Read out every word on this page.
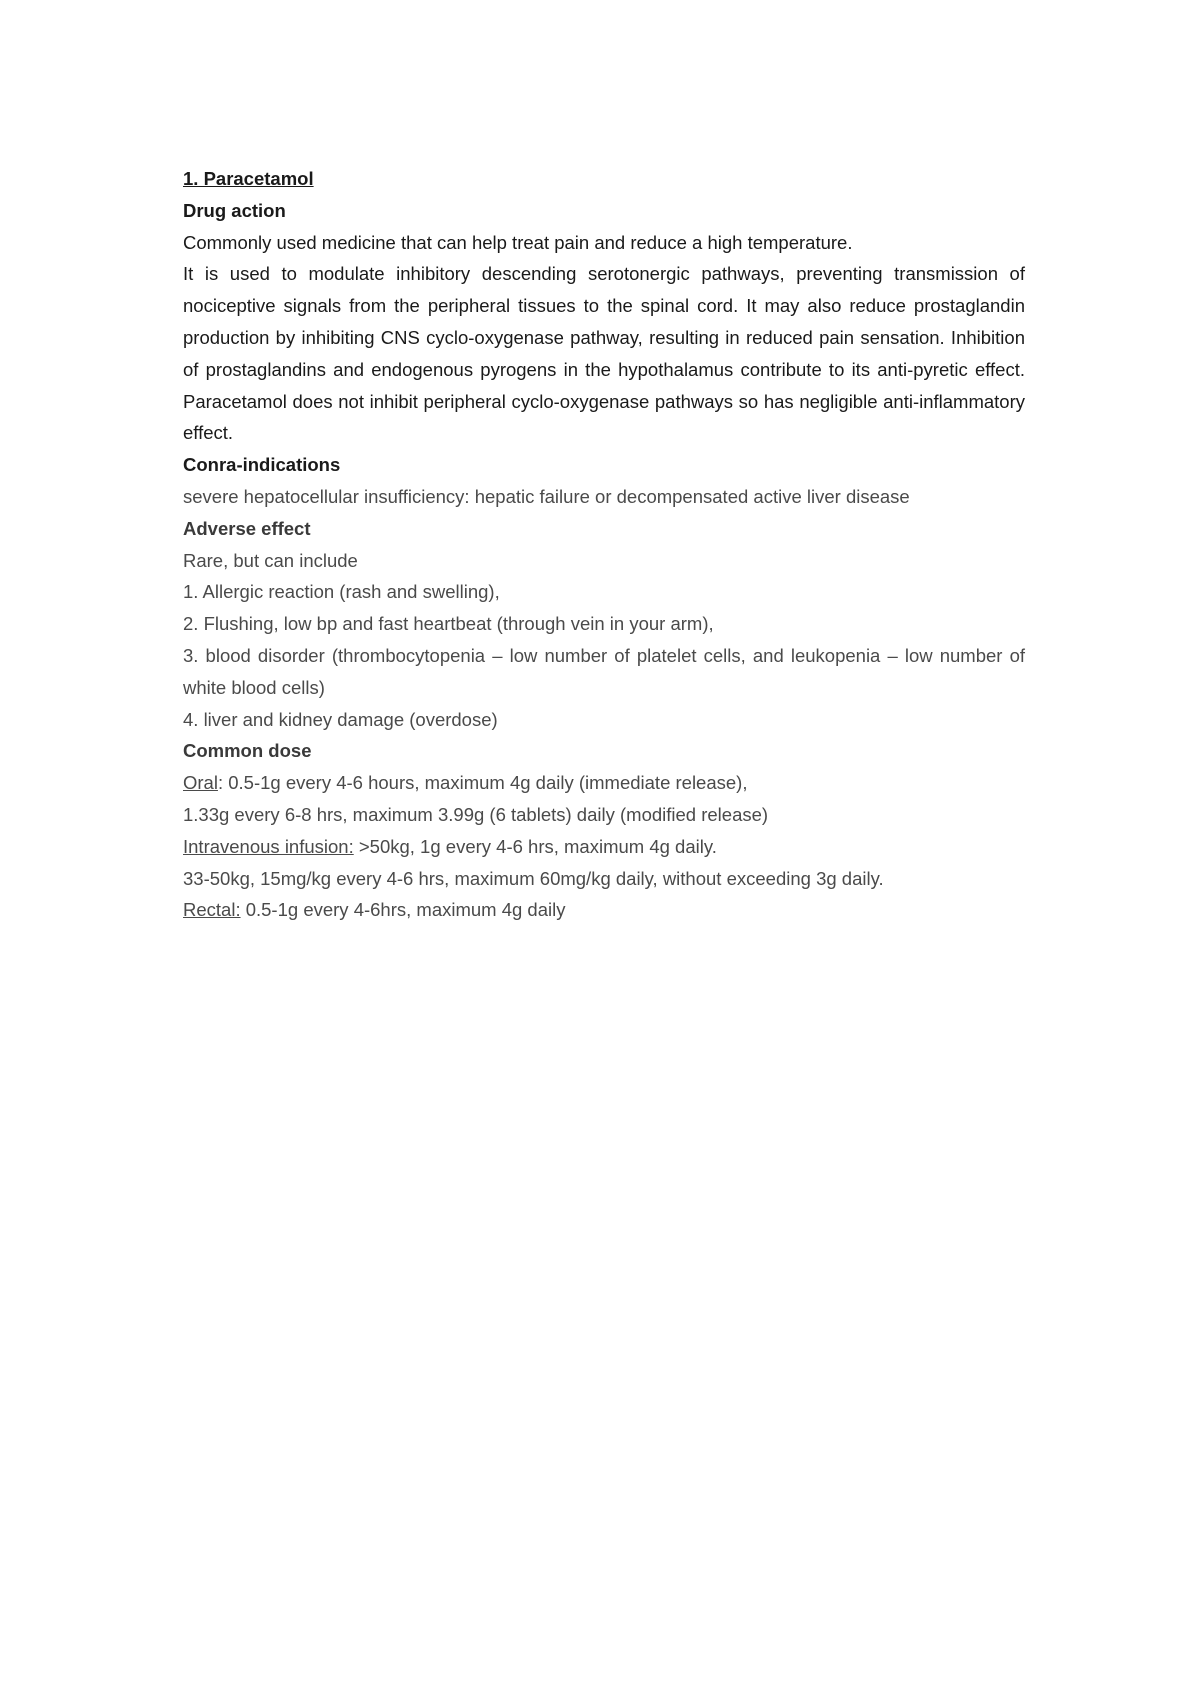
1. Paracetamol

Drug action

Commonly used medicine that can help treat pain and reduce a high temperature.

It is used to modulate inhibitory descending serotonergic pathways, preventing transmission of nociceptive signals from the peripheral tissues to the spinal cord. It may also reduce prostaglandin production by inhibiting CNS cyclo-oxygenase pathway, resulting in reduced pain sensation. Inhibition of prostaglandins and endogenous pyrogens in the hypothalamus contribute to its anti-pyretic effect. Paracetamol does not inhibit peripheral cyclo-oxygenase pathways so has negligible anti-inflammatory effect.

Conra-indications

severe hepatocellular insufficiency: hepatic failure or decompensated active liver disease

Adverse effect

Rare, but can include

1. Allergic reaction (rash and swelling),

2. Flushing, low bp and fast heartbeat (through vein in your arm),

3. blood disorder (thrombocytopenia – low number of platelet cells, and leukopenia – low number of white blood cells)

4. liver and kidney damage (overdose)

Common dose

Oral: 0.5-1g every 4-6 hours, maximum 4g daily (immediate release),

1.33g every 6-8 hrs, maximum 3.99g (6 tablets) daily (modified release)

Intravenous infusion: >50kg, 1g every 4-6 hrs, maximum 4g daily.

33-50kg, 15mg/kg every 4-6 hrs, maximum 60mg/kg daily, without exceeding 3g daily.

Rectal: 0.5-1g every 4-6hrs, maximum 4g daily
